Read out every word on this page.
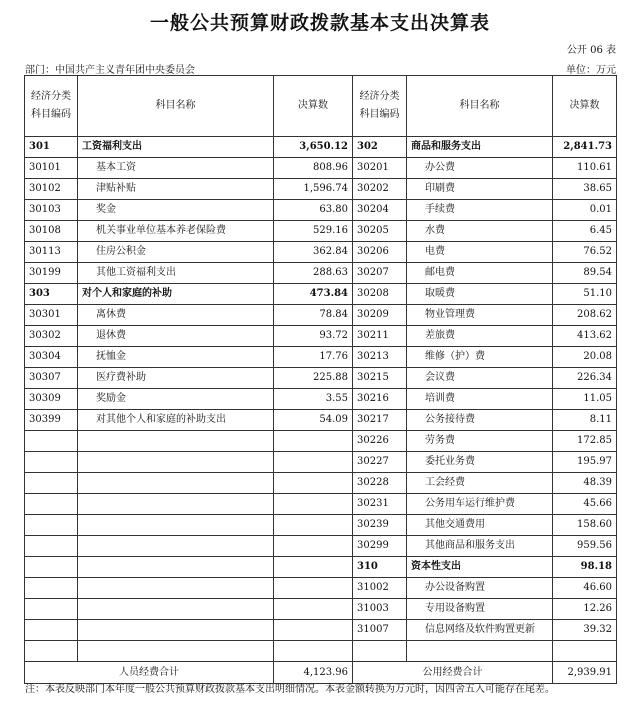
一般公共预算财政拨款基本支出决算表
公开 06 表
部门：中国共产主义青年团中央委员会	单位：万元
经济分类科目编码	科目名称	决算数	经济分类科目编码	科目名称	决算数
301	工资福利支出	3,650.12	302	商品和服务支出	2,841.73
30101	基本工资	808.96	30201	办公费	110.61
30102	津贴补贴	1,596.74	30202	印刷费	38.65
30103	奖金	63.80	30204	手续费	0.01
30108	机关事业单位基本养老保险费	529.16	30205	水费	6.45
30113	住房公积金	362.84	30206	电费	76.52
30199	其他工资福利支出	288.63	30207	邮电费	89.54
303	对个人和家庭的补助	473.84	30208	取暖费	51.10
30301	离休费	78.84	30209	物业管理费	208.62
30302	退休费	93.72	30211	差旅费	413.62
30304	抚恤金	17.76	30213	维修（护）费	20.08
30307	医疗费补助	225.88	30215	会议费	226.34
30309	奖励金	3.55	30216	培训费	11.05
30399	对其他个人和家庭的补助支出	54.09	30217	公务接待费	8.11
			30226	劳务费	172.85
			30227	委托业务费	195.97
			30228	工会经费	48.39
			30231	公务用车运行维护费	45.66
			30239	其他交通费用	158.60
			30299	其他商品和服务支出	959.56
			310	资本性支出	98.18
			31002	办公设备购置	46.60
			31003	专用设备购置	12.26
			31007	信息网络及软件购置更新	39.32

人员经费合计		4,123.96	公用经费合计		2,939.91
注：本表反映部门本年度一般公共预算财政拨款基本支出明细情况。本表金额转换为万元时，因四舍五入可能存在尾差。
